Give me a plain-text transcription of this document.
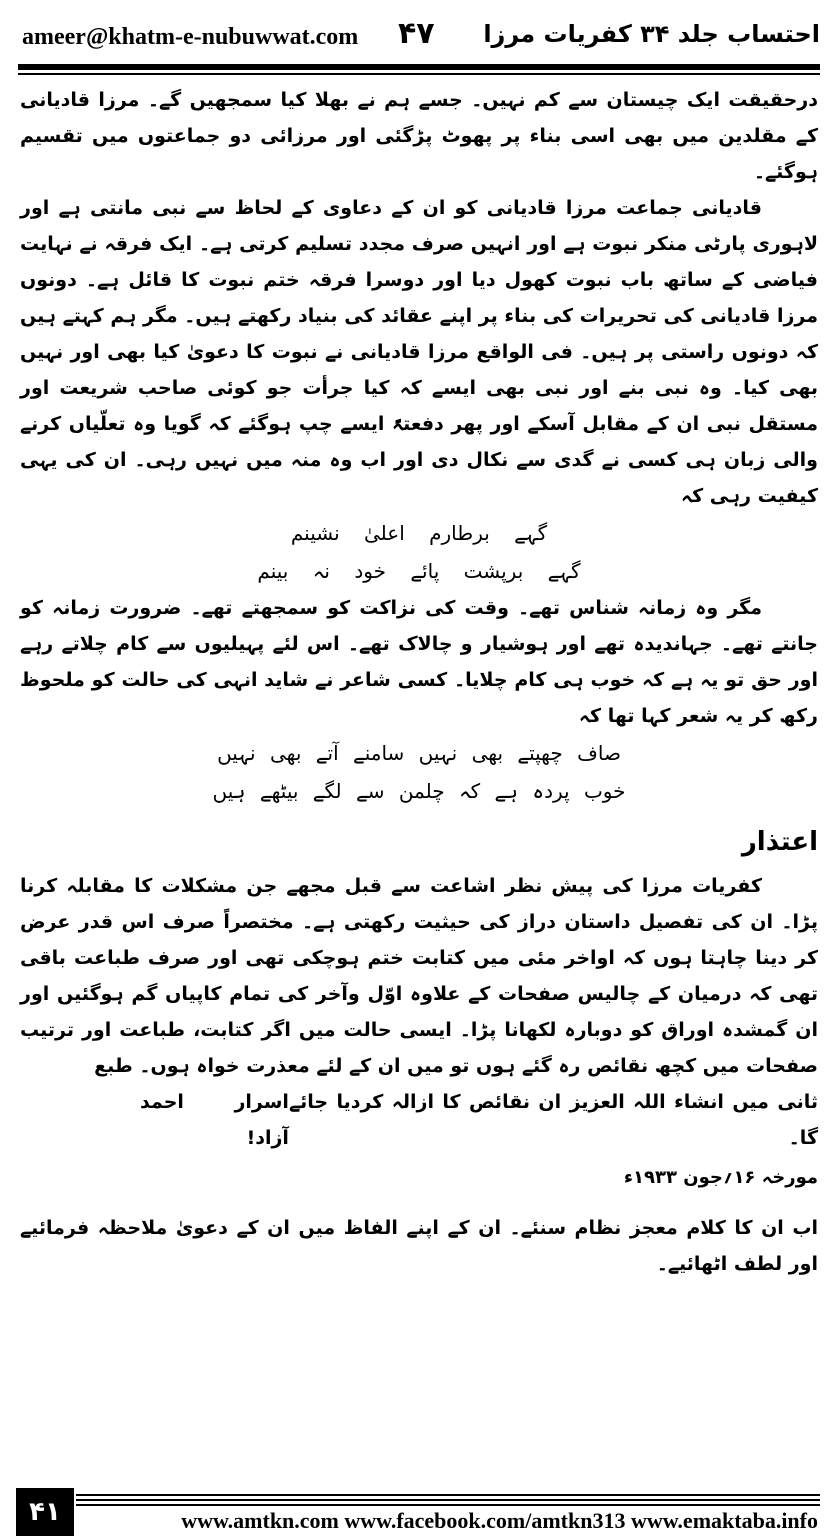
ameer@khatm-e-nubuwwat.com ۴۷ احتساب جلد ۳۴ کفریات مرزا

درحقیقت ایک چیستان سے کم نہیں۔ جسے ہم نے بھلا کیا سمجھیں گے۔ مرزا قادیانی کے مقلدین میں بھی اسی بناء پر پھوٹ پڑگئی اور مرزائی دو جماعتوں میں تقسیم ہوگئے۔

قادیانی جماعت مرزا قادیانی کو ان کے دعاوی کے لحاظ سے نبی مانتی ہے اور لاہوری پارٹی منکر نبوت ہے اور انہیں صرف مجدد تسلیم کرتی ہے۔ ایک فرقہ نے نہایت فیاضی کے ساتھ باب نبوت کھول دیا اور دوسرا فرقہ ختم نبوت کا قائل ہے۔ دونوں مرزا قادیانی کی تحریرات کی بناء پر اپنے عقائد کی بنیاد رکھتے ہیں۔ مگر ہم کہتے ہیں کہ دونوں راستی پر ہیں۔ فی الواقع مرزا قادیانی نے نبوت کا دعویٰ کیا بھی اور نہیں بھی کیا۔ وہ نبی بنے اور نبی بھی ایسے کہ کیا جرأت جو کوئی صاحب شریعت اور مستقل نبی ان کے مقابل آسکے اور پھر دفعتہً ایسے چپ ہوگئے کہ گویا وہ تعلّیاں کرنے والی زبان ہی کسی نے گدی سے نکال دی اور اب وہ منہ میں نہیں رہی۔ ان کی یہی کیفیت رہی کہ

گہے برطارم اعلیٰ نشینم
گہے برپشت پائے خود نہ بینم

مگر وہ زمانہ شناس تھے۔ وقت کی نزاکت کو سمجھتے تھے۔ ضرورت زمانہ کو جانتے تھے۔ جہاندیدہ تھے اور ہوشیار و چالاک تھے۔ اس لئے پہیلیوں سے کام چلاتے رہے اور حق تو یہ ہے کہ خوب ہی کام چلایا۔ کسی شاعر نے شاید انہی کی حالت کو ملحوظ رکھ کر یہ شعر کہا تھا کہ

صاف چھپتے بھی نہیں سامنے آتے بھی نہیں
خوب پردہ ہے کہ چلمن سے لگے بیٹھے ہیں

اعتذار

کفریات مرزا کی پیش نظر اشاعت سے قبل مجھے جن مشکلات کا مقابلہ کرنا پڑا۔ ان کی تفصیل داستان دراز کی حیثیت رکھتی ہے۔ مختصراً صرف اس قدر عرض کر دینا چاہتا ہوں کہ اواخر مئی میں کتابت ختم ہوچکی تھی اور صرف طباعت باقی تھی کہ درمیان کے چالیس صفحات کے علاوہ اوّل وآخر کی تمام کاپیاں گم ہوگئیں اور ان گمشدہ اوراق کو دوبارہ لکھانا پڑا۔ ایسی حالت میں اگر کتابت، طباعت اور ترتیب صفحات میں کچھ نقائص رہ گئے ہوں تو میں ان کے لئے معذرت خواہ ہوں۔ طبع

ثانی میں انشاء اللہ العزیز ان نقائص کا ازالہ کردیا جائے گا۔
اسرار احمد آزاد!

مورخہ ۱۶؍جون ۱۹۳۳ء

اب ان کا کلام معجز نظام سنئے۔ ان کے اپنے الفاظ میں ان کے دعویٰ ملاحظہ فرمائیے اور لطف اٹھائیے۔

۴۱	www.amtkn.com www.facebook.com/amtkn313 www.emaktaba.info
